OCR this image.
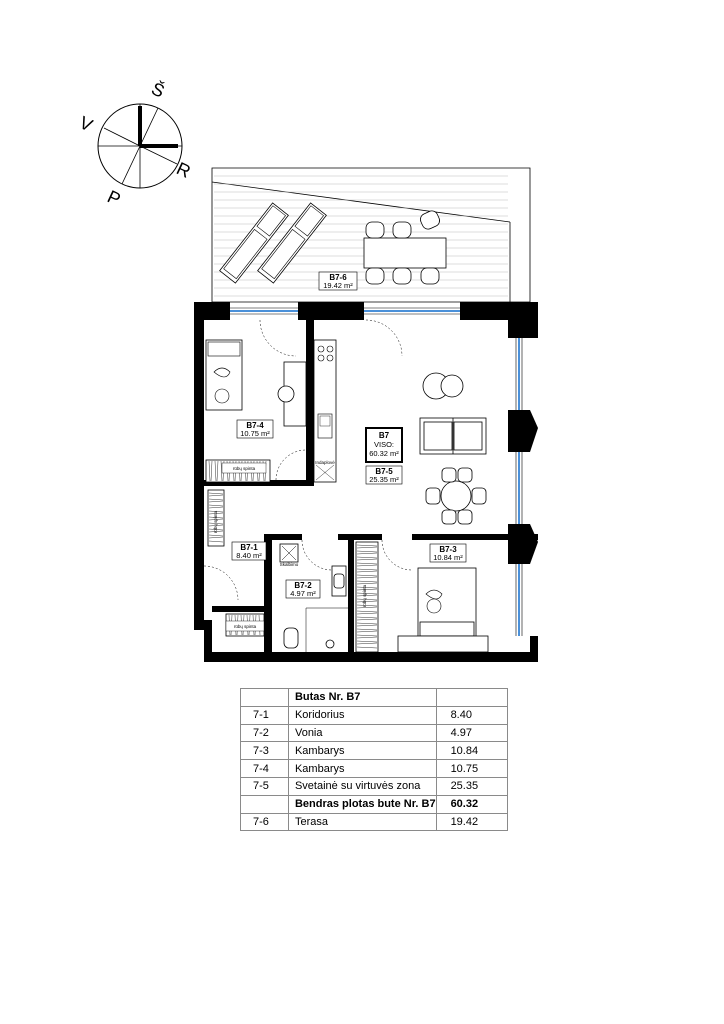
Š
R
P
V
B7-6
19.42 m²
rūbų spinta
rūbų spinta
rūbų spinta
rūbų spinta
Indaplovė
Skalbimo
B7-4
10.75 m²	B7
VISO:
60.32 m²
B7-5
25.35 m²
B7-1
8.40 m²
B7-2
4.97 m²
B7-3
10.84 m²
	Butas Nr. B7	
7-1	Koridorius	8.40
7-2	Vonia	4.97
7-3	Kambarys	10.84
7-4	Kambarys	10.75
7-5	Svetainė su virtuvės zona	25.35
	Bendras plotas bute Nr. B7	60.32
7-6	Terasa	19.42
